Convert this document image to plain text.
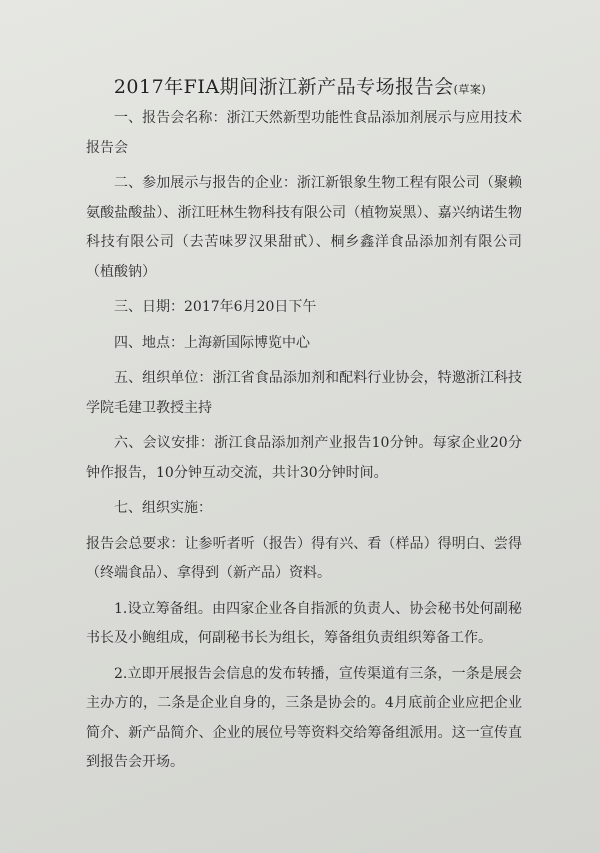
2017年FIA期间浙江新产品专场报告会(草案)

一、报告会名称：浙江天然新型功能性食品添加剂展示与应用技术报告会

二、参加展示与报告的企业：浙江新银象生物工程有限公司（聚赖氨酸盐酸盐）、浙江旺林生物科技有限公司（植物炭黑）、嘉兴纳诺生物科技有限公司（去苦味罗汉果甜甙）、桐乡鑫洋食品添加剂有限公司（植酸钠）

三、日期：2017年6月20日下午

四、地点：上海新国际博览中心

五、组织单位：浙江省食品添加剂和配料行业协会，特邀浙江科技学院毛建卫教授主持

六、会议安排：浙江食品添加剂产业报告10分钟。每家企业20分钟作报告，10分钟互动交流，共计30分钟时间。

七、组织实施：

报告会总要求：让参听者听（报告）得有兴、看（样品）得明白、尝得（终端食品）、拿得到（新产品）资料。

1.设立筹备组。由四家企业各自指派的负责人、协会秘书处何副秘书长及小鲍组成，何副秘书长为组长，筹备组负责组织筹备工作。

2.立即开展报告会信息的发布转播，宣传渠道有三条，一条是展会主办方的，二条是企业自身的，三条是协会的。4月底前企业应把企业简介、新产品简介、企业的展位号等资料交给筹备组派用。这一宣传直到报告会开场。
